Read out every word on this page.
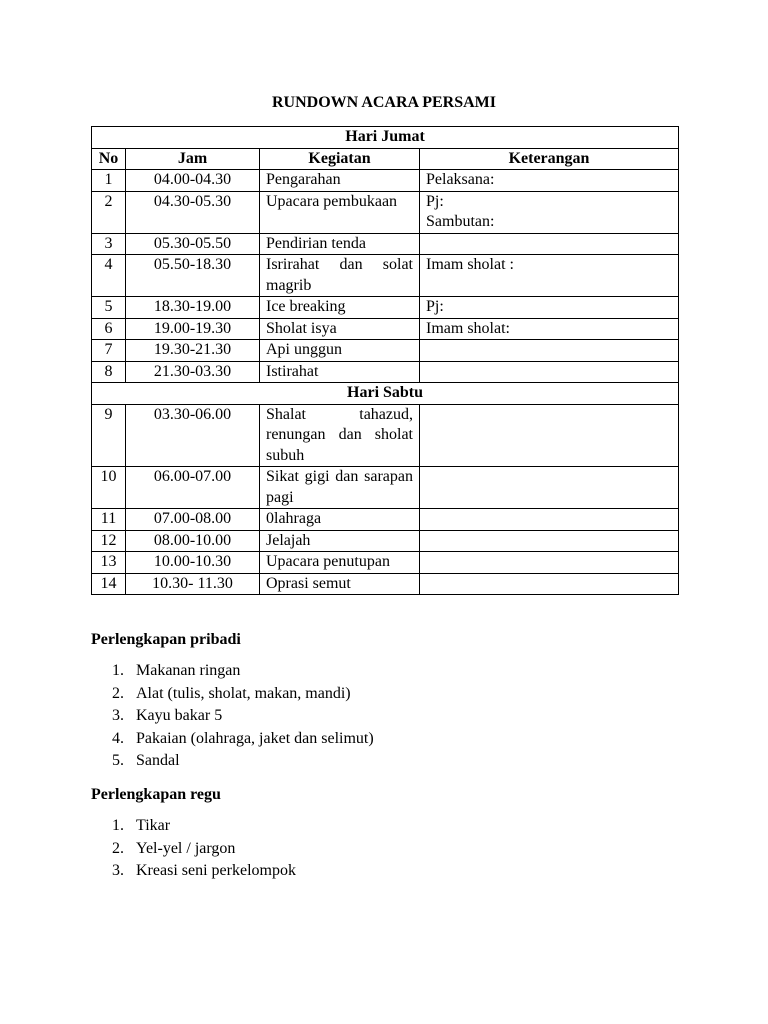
RUNDOWN ACARA PERSAMI
Hari Jumat			
No	Jam	Kegiatan	Keterangan
1	04.00-04.30	Pengarahan	Pelaksana:
2	04.30-05.30	Upacara pembukaan	Pj:
Sambutan:

3	05.30-05.50	Pendirian tenda	
4	05.50-18.30	Isrirahat dan solat magrib	Imam sholat :
5	18.30-19.00	Ice breaking	Pj:
6	19.00-19.30	Sholat isya	Imam sholat:
7	19.30-21.30	Api unggun	
8	21.30-03.30	Istirahat	
Hari Sabtu			
9	03.30-06.00	Shalat tahazud, renungan dan sholat subuh	
10	06.00-07.00	Sikat gigi dan sarapan pagi	
11	07.00-08.00	0lahraga	
12	08.00-10.00	Jelajah	
13	10.00-10.30	Upacara penutupan	
14	10.30- 11.30	Oprasi semut	
Perlengkapan pribadi
1. Makanan ringan
2. Alat (tulis, sholat, makan, mandi)
3. Kayu bakar 5
4. Pakaian (olahraga, jaket dan selimut)
5. Sandal
Perlengkapan regu
1. Tikar
2. Yel-yel / jargon
3. Kreasi seni perkelompok
